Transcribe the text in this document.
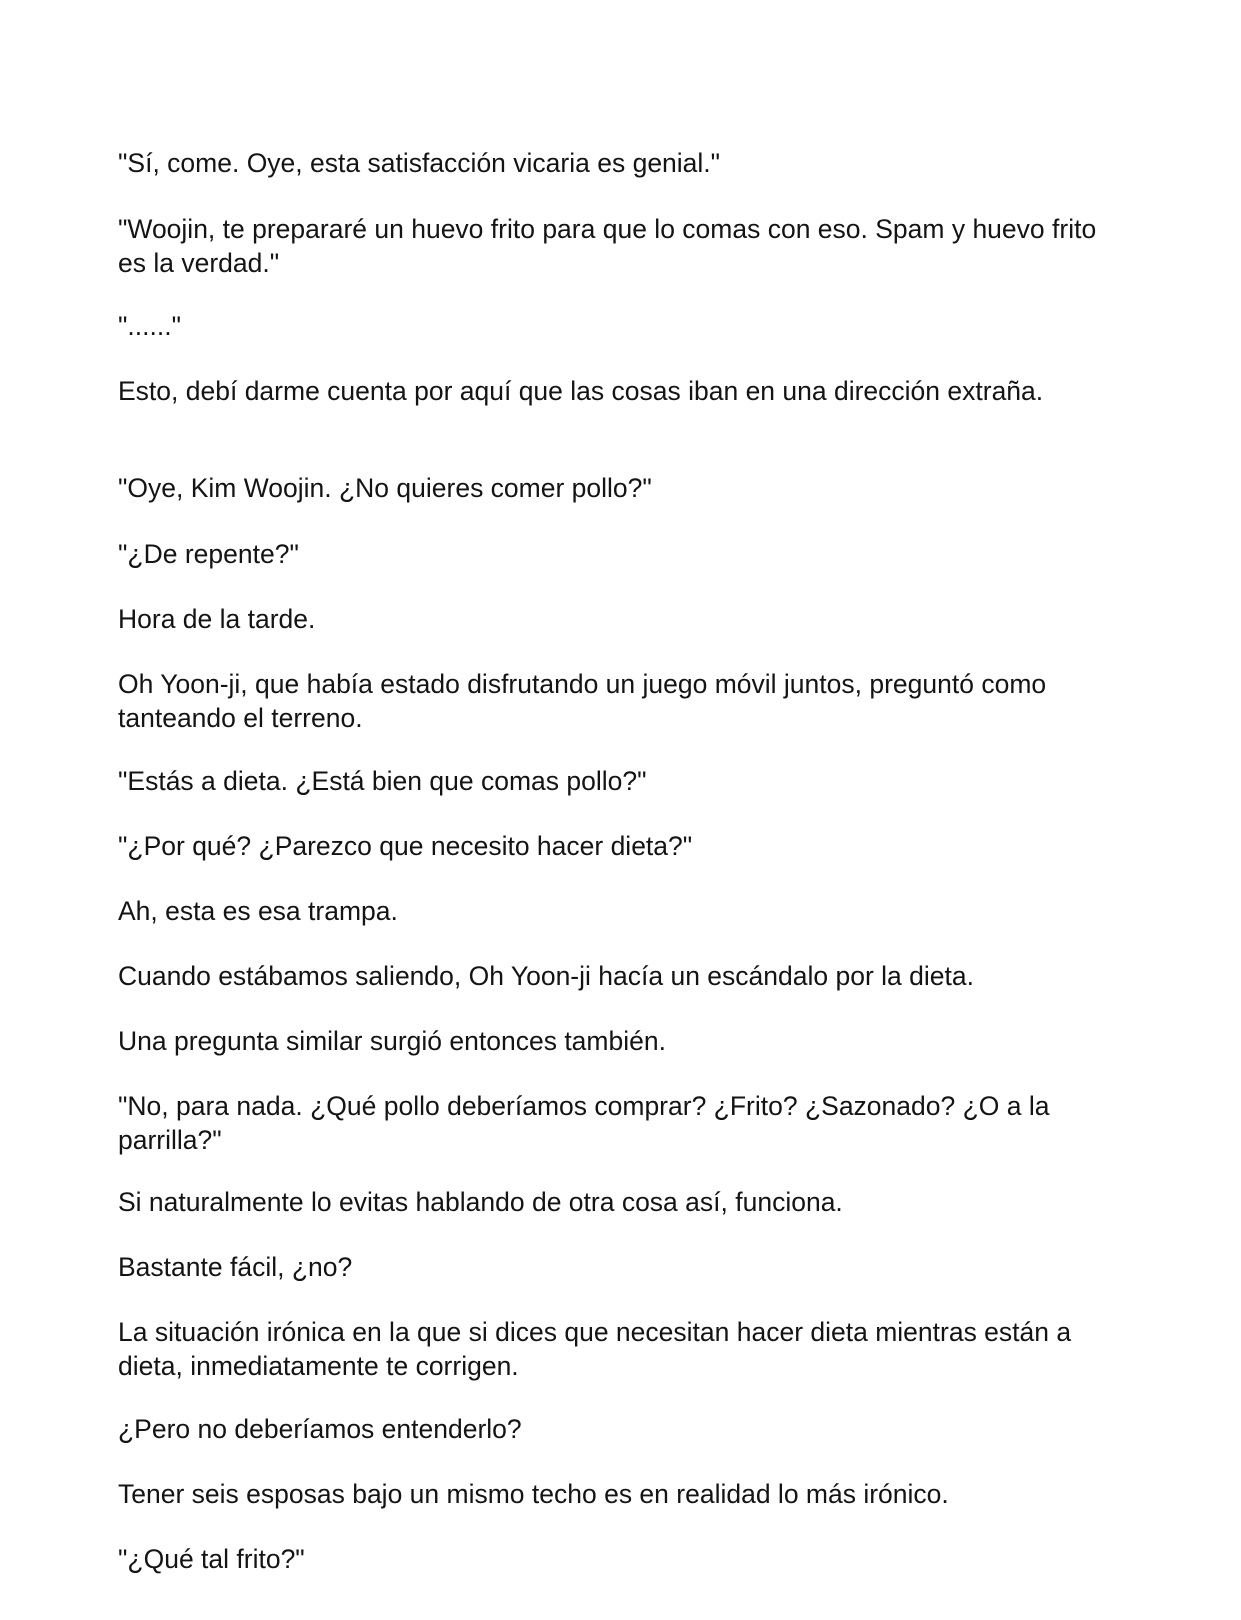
"Sí, come. Oye, esta satisfacción vicaria es genial."

"Woojin, te prepararé un huevo frito para que lo comas con eso. Spam y huevo frito es la verdad."

"......"

Esto, debí darme cuenta por aquí que las cosas iban en una dirección extraña.

"Oye, Kim Woojin. ¿No quieres comer pollo?"

"¿De repente?"

Hora de la tarde.

Oh Yoon-ji, que había estado disfrutando un juego móvil juntos, preguntó como tanteando el terreno.

"Estás a dieta. ¿Está bien que comas pollo?"

"¿Por qué? ¿Parezco que necesito hacer dieta?"

Ah, esta es esa trampa.

Cuando estábamos saliendo, Oh Yoon-ji hacía un escándalo por la dieta.

Una pregunta similar surgió entonces también.

"No, para nada. ¿Qué pollo deberíamos comprar? ¿Frito? ¿Sazonado? ¿O a la parrilla?"

Si naturalmente lo evitas hablando de otra cosa así, funciona.

Bastante fácil, ¿no?

La situación irónica en la que si dices que necesitan hacer dieta mientras están a dieta, inmediatamente te corrigen.

¿Pero no deberíamos entenderlo?

Tener seis esposas bajo un mismo techo es en realidad lo más irónico.

"¿Qué tal frito?"
